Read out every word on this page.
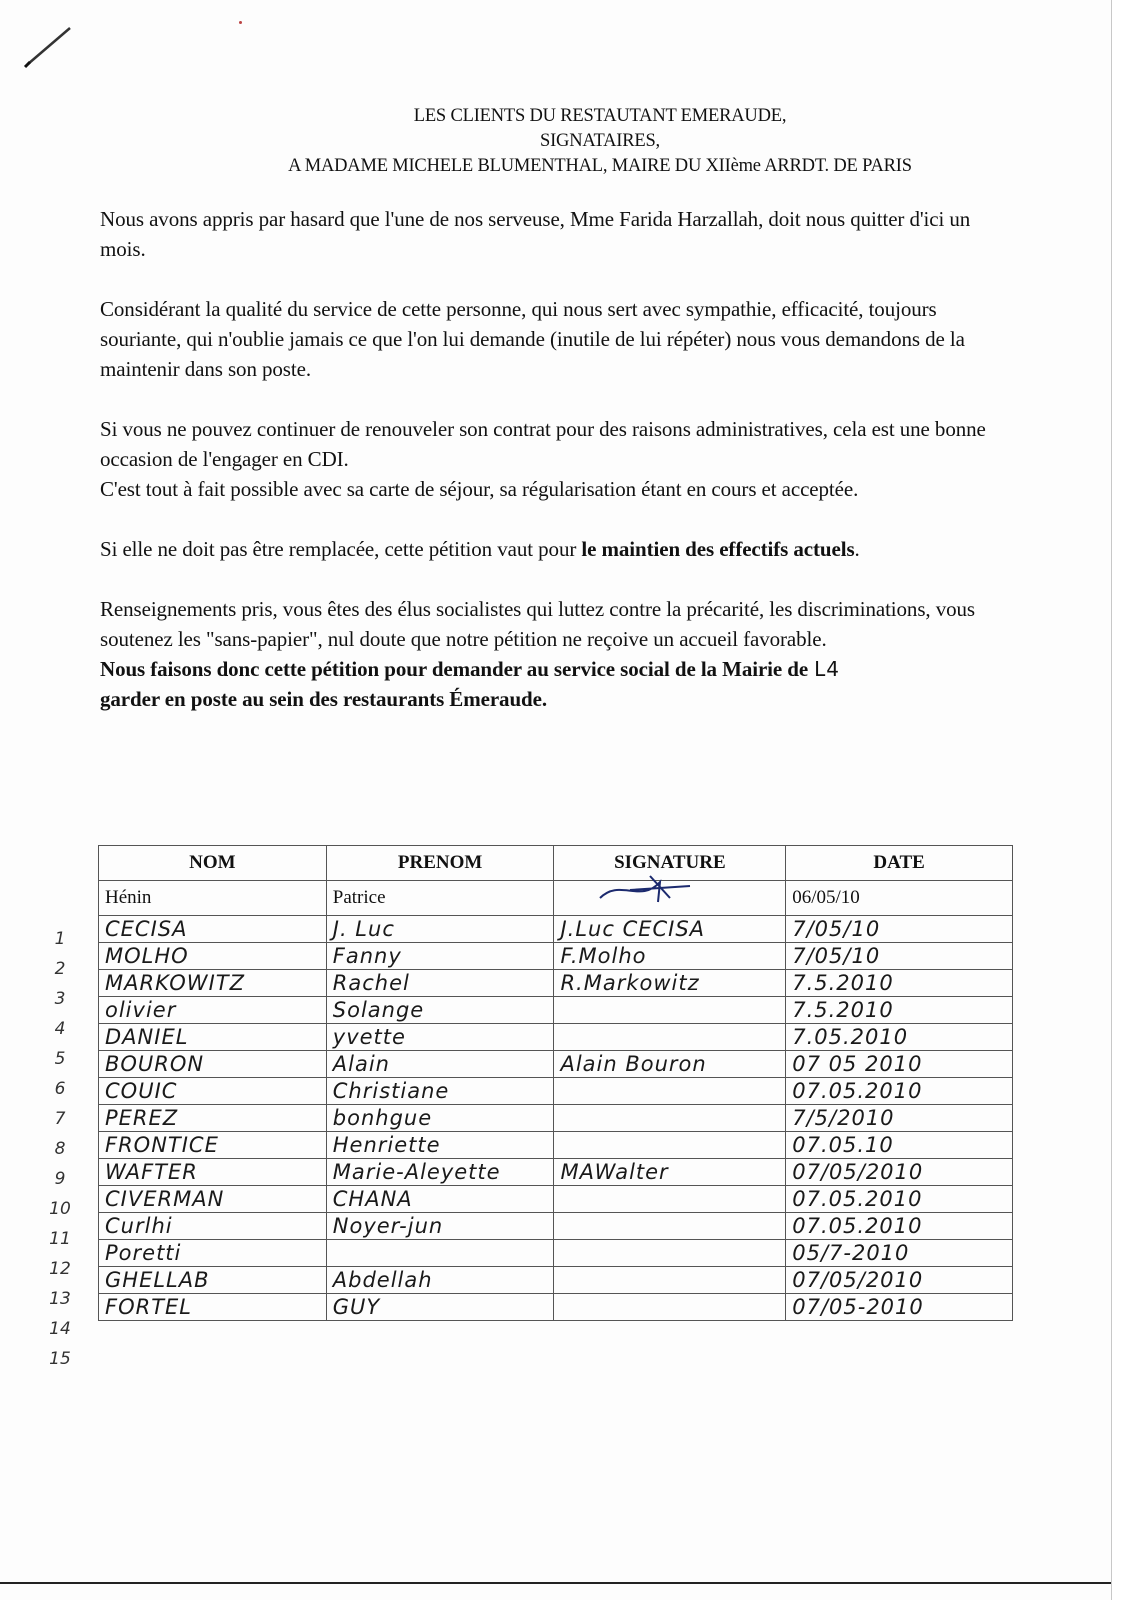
LES CLIENTS DU RESTAUTANT EMERAUDE,
SIGNATAIRES,
A MADAME MICHELE BLUMENTHAL, MAIRE DU XIIème ARRDT. DE PARIS

Nous avons appris par hasard que l'une de nos serveuse, Mme Farida Harzallah, doit nous quitter d'ici un mois.

Considérant la qualité du service de cette personne, qui nous sert avec sympathie, efficacité, toujours souriante, qui n'oublie jamais ce que l'on lui demande (inutile de lui répéter) nous vous demandons de la maintenir dans son poste.

Si vous ne pouvez continuer de renouveler son contrat pour des raisons administratives, cela est une bonne occasion de l'engager en CDI.

C'est tout à fait possible avec sa carte de séjour, sa régularisation étant en cours et acceptée.

Si elle ne doit pas être remplacée, cette pétition vaut pour le maintien des effectifs actuels.

Renseignements pris, vous êtes des élus socialistes qui luttez contre la précarité, les discriminations, vous soutenez les "sans-papier", nul doute que notre pétition ne reçoive un accueil favorable.

Nous faisons donc cette pétition pour demander au service social de la Mairie de L4
garder en poste au sein des restaurants Émeraude.

NOM	PRENOM	SIGNATURE	DATE
Hénin	Patrice		06/05/10
CECISA	J. Luc	J.Luc CECISA	7/05/10
MOLHO	Fanny	F.Molho	7/05/10
MARKOWITZ	Rachel	R.Markowitz	7.5.2010
olivier	Solange		7.5.2010
DANIEL	yvette		7.05.2010
BOURON	Alain	Alain Bouron	07 05 2010
COUIC	Christiane		07.05.2010
PEREZ	bonhgue		7/5/2010
FRONTICE	Henriette		07.05.10
WAFTER	Marie-Aleyette	MAWalter	07/05/2010
CIVERMAN	CHANA		07.05.2010
Curlhi	Noyer-jun		07.05.2010
Poretti			05/7-2010
GHELLAB	Abdellah		07/05/2010
FORTEL	GUY		07/05-2010
1
2
3
4
5
6
7
8
9
10
11
12
13
14
15
